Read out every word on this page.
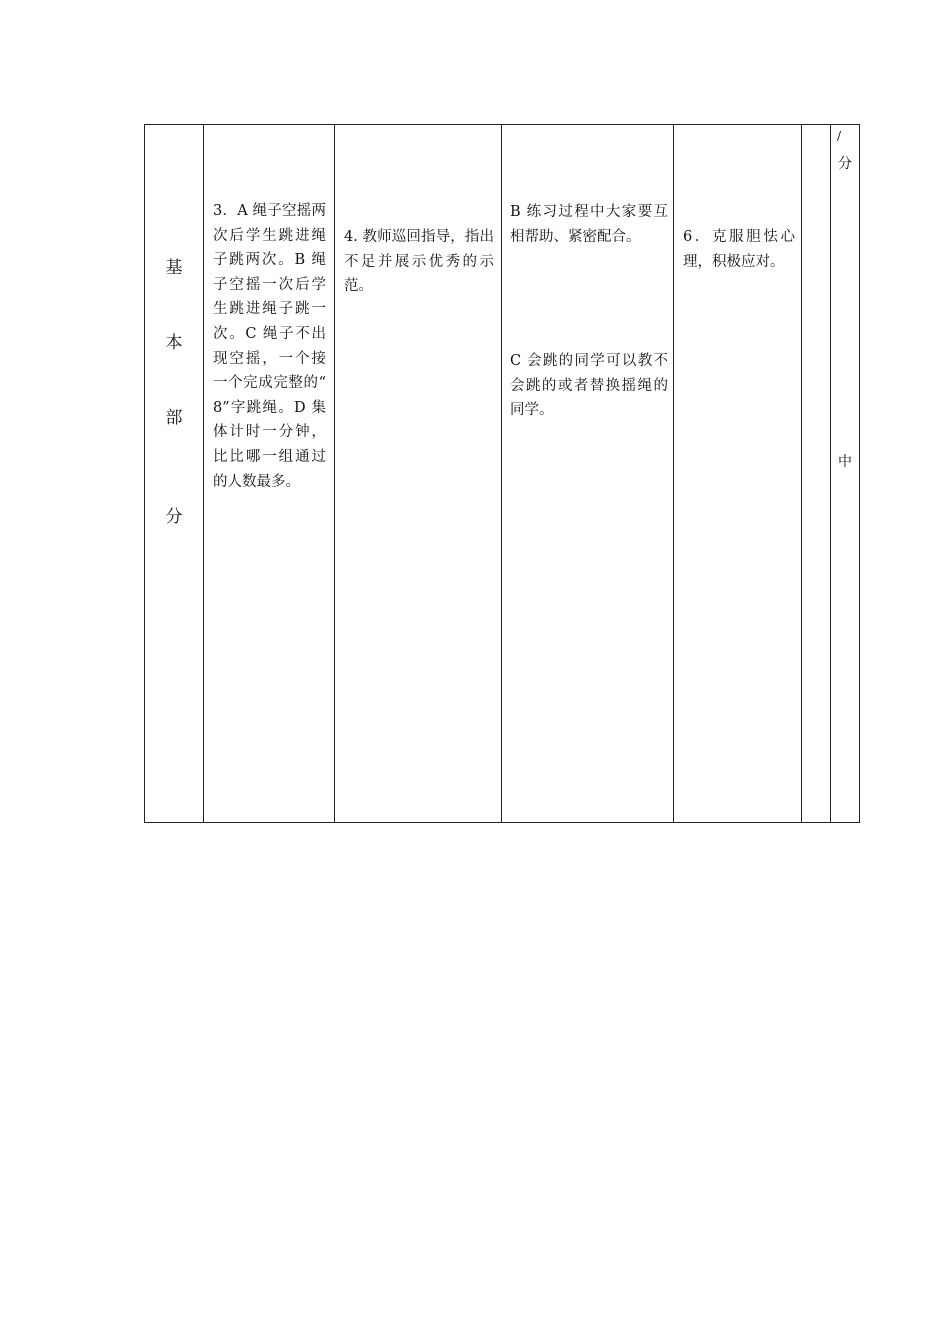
基
本
部
分
3．A 绳子空摇两次后学生跳进绳子跳两次。B 绳子空摇一次后学生跳进绳子跳一次。C 绳子不出现空摇，一个接一个完成完整的“ 8”字跳绳。D 集体计时一分钟，比比哪一组通过的人数最多。
4. 教师巡回指导，指出不足并展示优秀的示范。
B 练习过程中大家要互相帮助、紧密配合。
C 会跳的同学可以教不会跳的或者替换摇绳的同学。
6．克服胆怯心理，积极应对。
/
分
中
